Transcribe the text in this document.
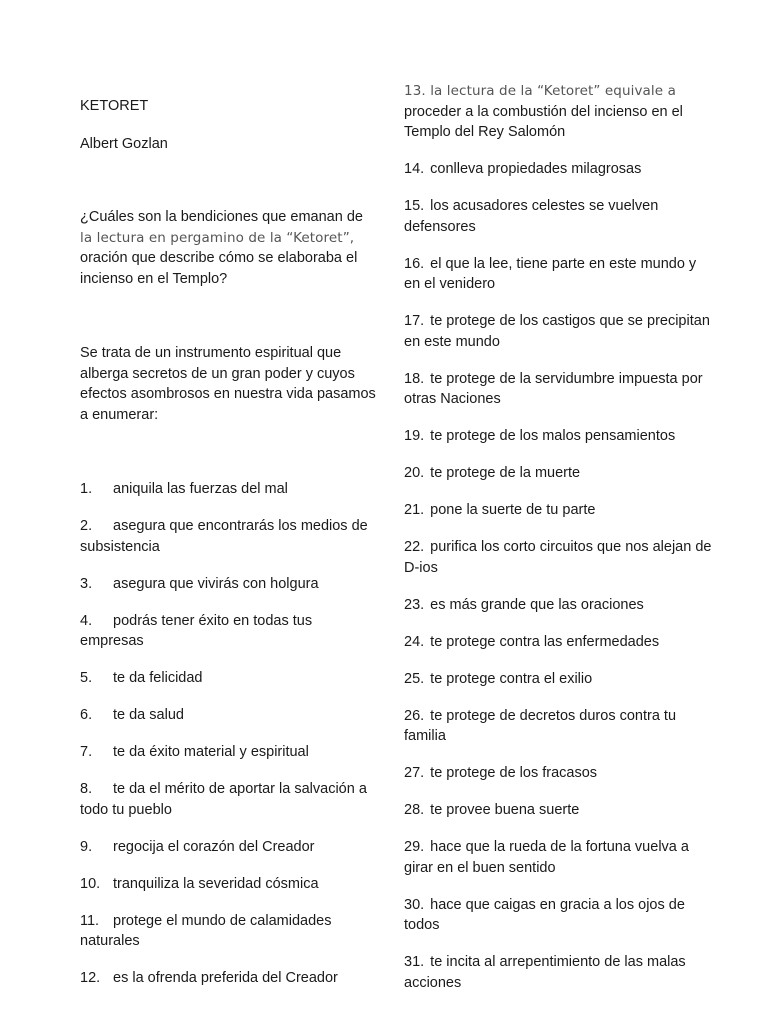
KETORET

Albert Gozlan

¿Cuáles son la bendiciones que emanan de

la lectura en pergamino de la “Ketoret”,

oración que describe cómo se elaboraba el incienso en el Templo?

Se trata de un instrumento espiritual que alberga secretos de un gran poder y cuyos efectos asombrosos en nuestra vida pasamos a enumerar:

1. aniquila las fuerzas del mal

2. asegura que encontrarás los medios de subsistencia

3. asegura que vivirás con holgura

4. podrás tener éxito en todas tus empresas

5. te da felicidad

6. te da salud

7. te da éxito material y espiritual

8. te da el mérito de aportar la salvación a todo tu pueblo

9. regocija el corazón del Creador

10. tranquiliza la severidad cósmica

11. protege el mundo de calamidades naturales

12. es la ofrenda preferida del Creador

13. la lectura de la “Ketoret” equivale a

proceder a la combustión del incienso en el Templo del Rey Salomón

14. conlleva propiedades milagrosas

15. los acusadores celestes se vuelven defensores

16. el que la lee, tiene parte en este mundo y en el venidero

17. te protege de los castigos que se precipitan en este mundo

18. te protege de la servidumbre impuesta por otras Naciones

19. te protege de los malos pensamientos

20. te protege de la muerte

21. pone la suerte de tu parte

22. purifica los corto circuitos que nos alejan de D-ios

23. es más grande que las oraciones

24. te protege contra las enfermedades

25. te protege contra el exilio

26. te protege de decretos duros contra tu familia

27. te protege de los fracasos

28. te provee buena suerte

29. hace que la rueda de la fortuna vuelva a girar en el buen sentido

30. hace que caigas en gracia a los ojos de todos

31. te incita al arrepentimiento de las malas acciones
